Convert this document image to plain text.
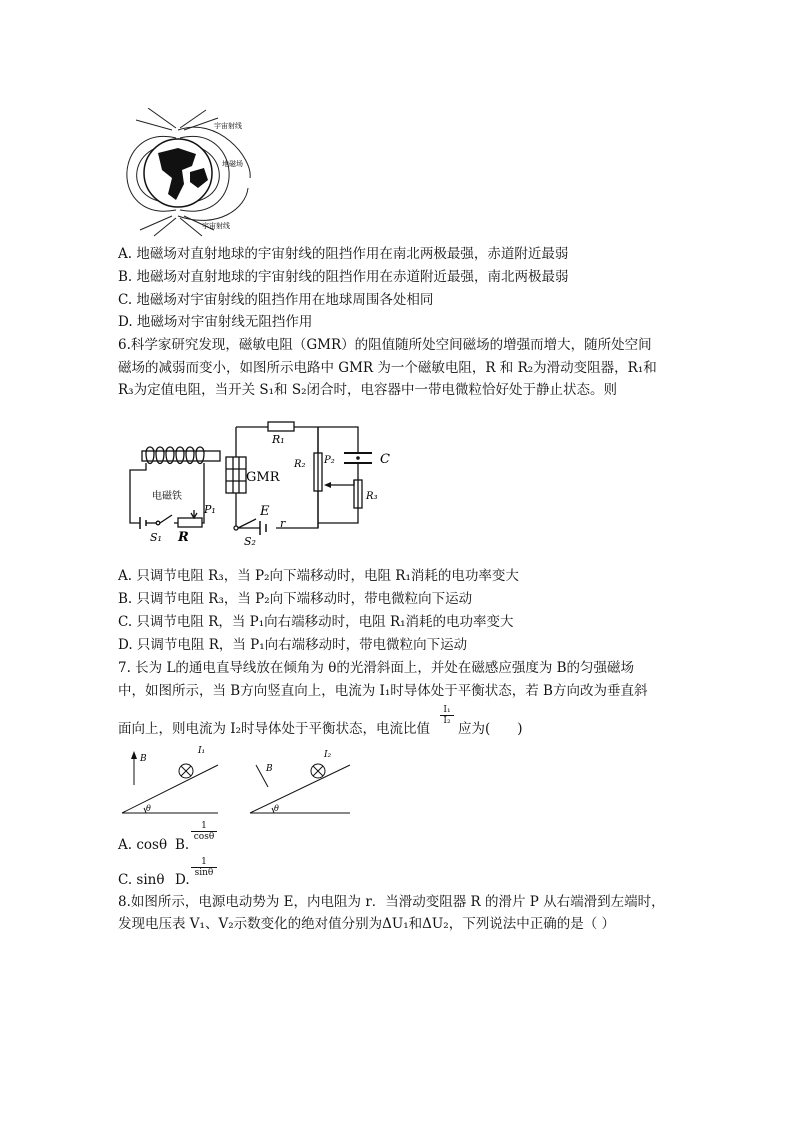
宇宙射线
地磁场
宇宙射线
A. 地磁场对直射地球的宇宙射线的阻挡作用在南北两极最强，赤道附近最弱
B. 地磁场对直射地球的宇宙射线的阻挡作用在赤道附近最强，南北两极最弱
C. 地磁场对宇宙射线的阻挡作用在地球周围各处相同
D. 地磁场对宇宙射线无阻挡作用
6.科学家研究发现，磁敏电阻（GMR）的阻值随所处空间磁场的增强而增大，随所处空间
磁场的减弱而变小，如图所示电路中 GMR 为一个磁敏电阻，R 和 R₂为滑动变阻器，R₁和
R₃为定值电阻，当开关 S₁和 S₂闭合时，电容器中一带电微粒恰好处于静止状态。则
R₁
R₂ P₂	C
R₃
GMR
电磁铁
P₁	E
r
S₁ R	S₂
A. 只调节电阻 R₃，当 P₂向下端移动时，电阻 R₁消耗的电功率变大
B. 只调节电阻 R₃，当 P₂向下端移动时，带电微粒向下运动
C. 只调节电阻 R，当 P₁向右端移动时，电阻 R₁消耗的电功率变大
D. 只调节电阻 R，当 P₁向右端移动时，带电微粒向下运动
7. 长为 L的通电直导线放在倾角为 θ的光滑斜面上，并处在磁感应强度为 B的匀强磁场
中，如图所示，当 B方向竖直向上，电流为 I₁时导体处于平衡状态，若 B方向改为垂直斜
面向上，则电流为 I₂时导体处于平衡状态，电流比值
$\frac{\text{I₁}}{\text{I₂}}$
应为(　　)
B
I₁
θ
B
I₂
θ
A. cosθ B.
$\frac{1}{\cos\theta}$
C. sinθ D.
$\frac{1}{\sin\theta}$
8.如图所示，电源电动势为 E，内电阻为 r．当滑动变阻器 R 的滑片 P 从右端滑到左端时，
发现电压表 V₁、V₂示数变化的绝对值分别为ΔU₁和ΔU₂，下列说法中正确的是（ ）
